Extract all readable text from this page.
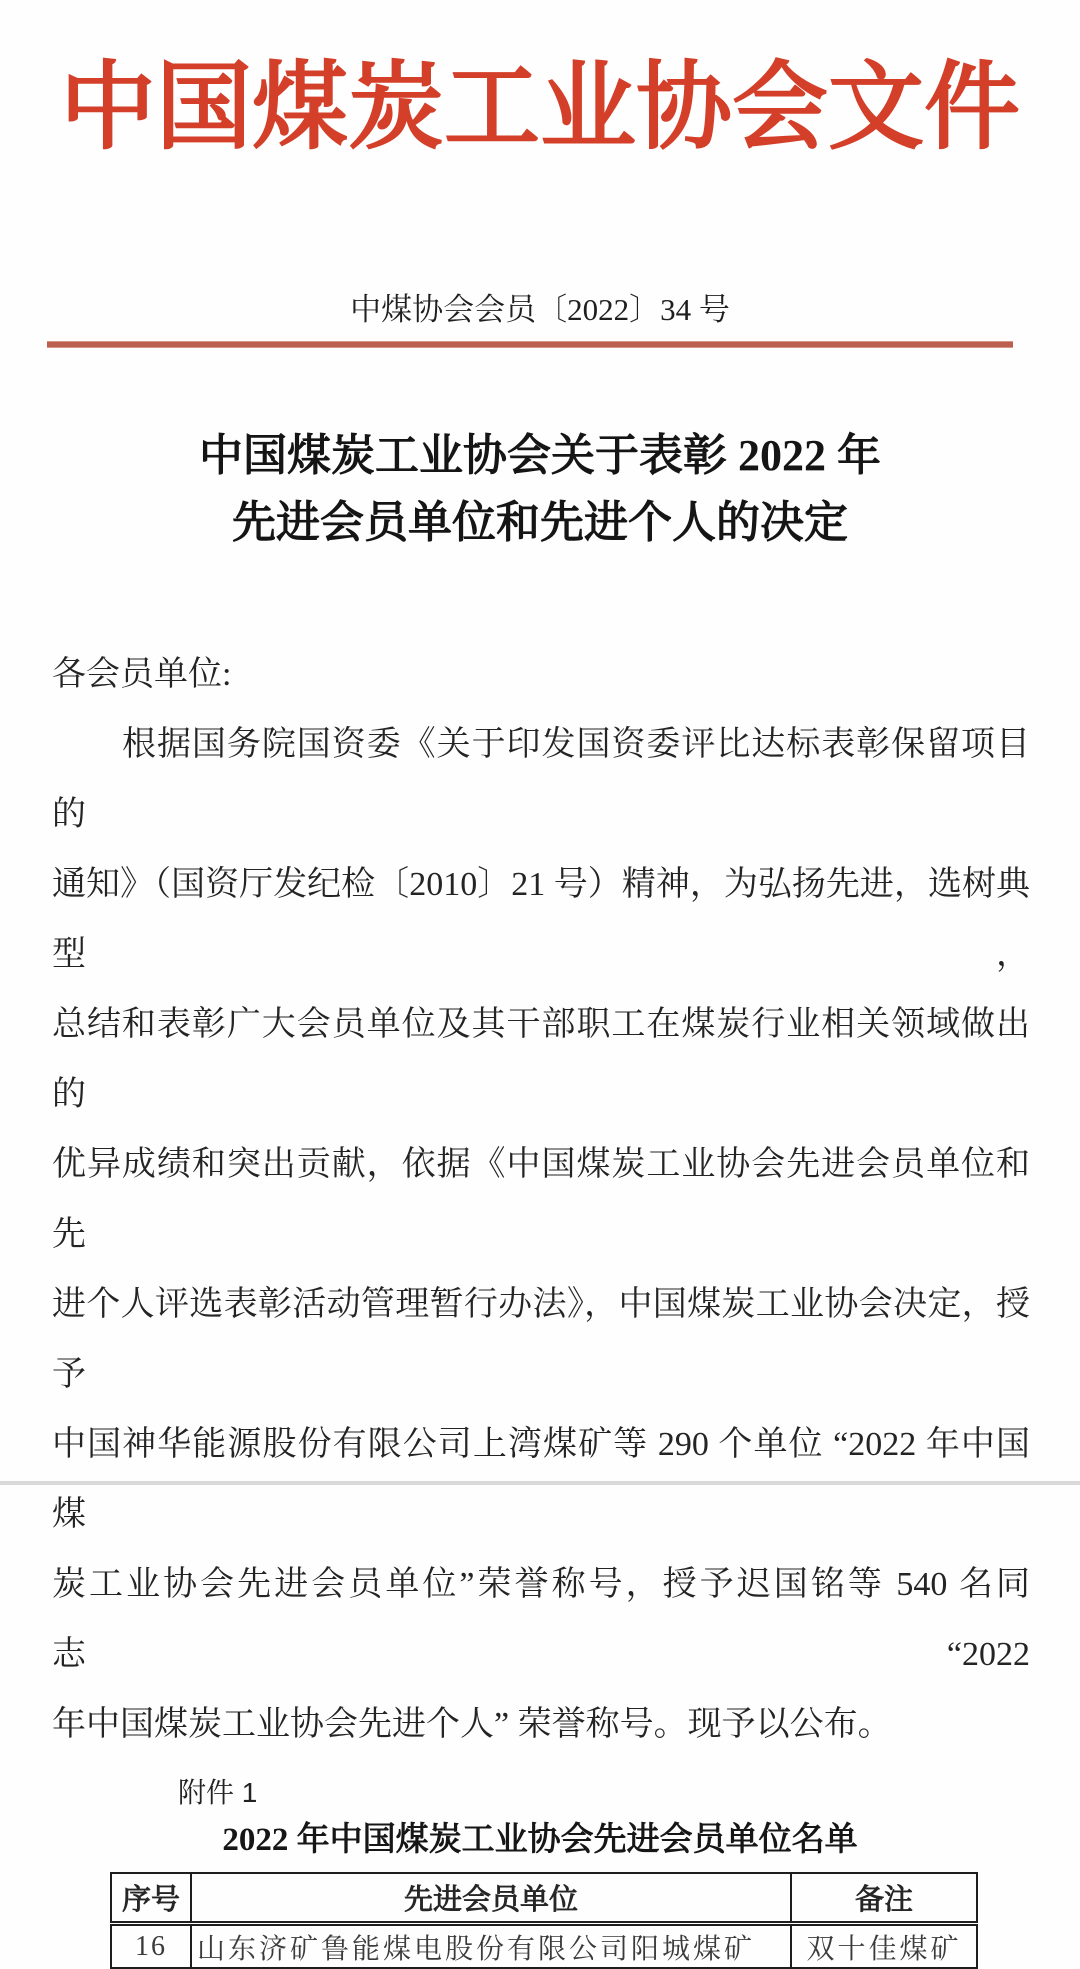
中国煤炭工业协会文件
中煤协会会员〔2022〕34 号
中国煤炭工业协会关于表彰 2022 年
先进会员单位和先进个人的决定
各会员单位:
根据国务院国资委《关于印发国资委评比达标表彰保留项目的
通知》（国资厅发纪检〔2010〕21 号）精神，为弘扬先进，选树典型，
总结和表彰广大会员单位及其干部职工在煤炭行业相关领域做出的
优异成绩和突出贡献，依据《中国煤炭工业协会先进会员单位和先
进个人评选表彰活动管理暂行办法》，中国煤炭工业协会决定，授予
中国神华能源股份有限公司上湾煤矿等 290 个单位 “2022 年中国煤
炭工业协会先进会员单位”荣誉称号，授予迟国铭等 540 名同志“2022
年中国煤炭工业协会先进个人” 荣誉称号。现予以公布。
附件 1
2022 年中国煤炭工业协会先进会员单位名单
序号	先进会员单位	备注
16	山东济矿鲁能煤电股份有限公司阳城煤矿	双十佳煤矿
